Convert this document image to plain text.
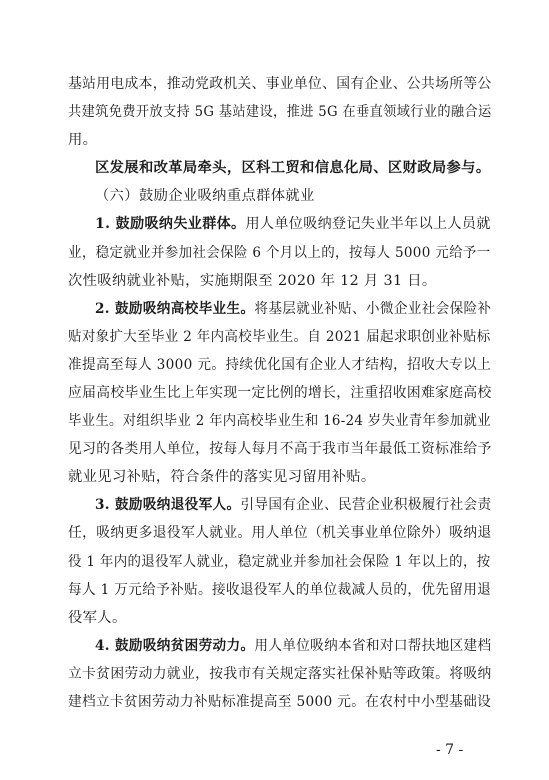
基站用电成本，推动党政机关、事业单位、国有企业、公共场所等公
共建筑免费开放支持 5G 基站建设，推进 5G 在垂直领域行业的融合运
用。
区发展和改革局牵头，区科工贸和信息化局、区财政局参与。
（六）鼓励企业吸纳重点群体就业
1. 鼓励吸纳失业群体。用人单位吸纳登记失业半年以上人员就
业，稳定就业并参加社会保险 6 个月以上的，按每人 5000 元给予一
次性吸纳就业补贴，实施期限至 2020 年 12 月 31 日。
2. 鼓励吸纳高校毕业生。将基层就业补贴、小微企业社会保险补
贴对象扩大至毕业 2 年内高校毕业生。自 2021 届起求职创业补贴标
准提高至每人 3000 元。持续优化国有企业人才结构，招收大专以上
应届高校毕业生比上年实现一定比例的增长，注重招收困难家庭高校
毕业生。对组织毕业 2 年内高校毕业生和 16-24 岁失业青年参加就业
见习的各类用人单位，按每人每月不高于我市当年最低工资标准给予
就业见习补贴，符合条件的落实见习留用补贴。
3. 鼓励吸纳退役军人。引导国有企业、民营企业积极履行社会责
任，吸纳更多退役军人就业。用人单位（机关事业单位除外）吸纳退
役 1 年内的退役军人就业，稳定就业并参加社会保险 1 年以上的，按
每人 1 万元给予补贴。接收退役军人的单位裁减人员的，优先留用退
役军人。
4. 鼓励吸纳贫困劳动力。用人单位吸纳本省和对口帮扶地区建档
立卡贫困劳动力就业，按我市有关规定落实社保补贴等政策。将吸纳
建档立卡贫困劳动力补贴标准提高至 5000 元。在农村中小型基础设
- 7 -
